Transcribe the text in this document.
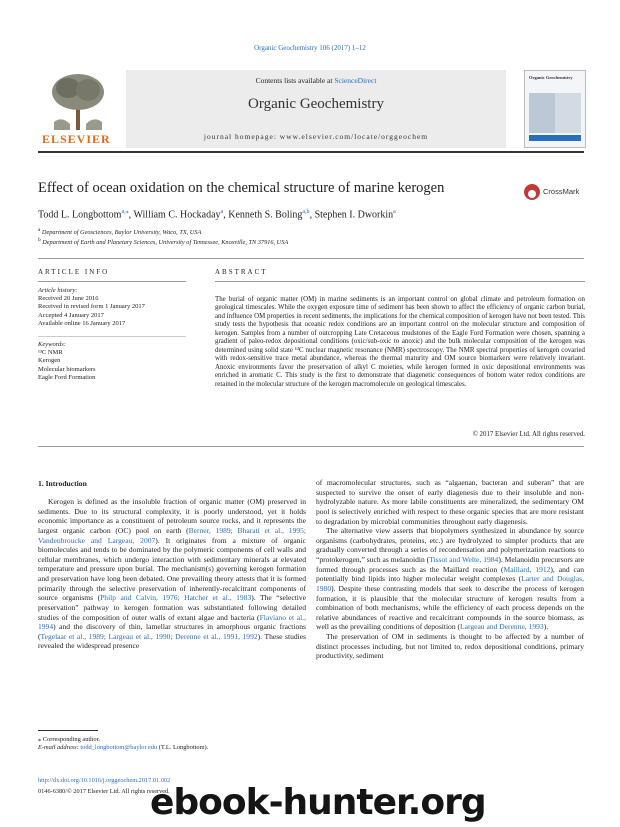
Organic Geochemistry 106 (2017) 1–12
ELSEVIER
Contents lists available at ScienceDirect
Organic Geochemistry
journal homepage: www.elsevier.com/locate/orggeochem
Organic Geochemistry
Effect of ocean oxidation on the chemical structure of marine kerogen	CrossMark
Todd L. Longbottom$^{a,⁎}$, William C. Hockaday$^a$, Kenneth S. Boling$^{a,b}$, Stephen I. Dworkin$^a$
$^a$ Department of Geosciences, Baylor University, Waco, TX, USA
$^b$ Department of Earth and Planetary Sciences, University of Tennessee, Knoxville, TN 37916, USA
ARTICLE INFO	ABSTRACT
Article history:
Received 20 June 2016
Received in revised form 1 January 2017
Accepted 4 January 2017
Available online 16 January 2017
Keywords:
¹³C NMR
Kerogen
Molecular biomarkers
Eagle Ford Formation
The burial of organic matter (OM) in marine sediments is an important control on global climate and petroleum formation on geological timescales. While the oxygen exposure time of sediment has been shown to affect the efficiency of organic carbon burial, and influence OM properties in recent sediments, the implications for the chemical composition of kerogen have not been tested. This study tests the hypothesis that oceanic redox conditions are an important control on the molecular structure and composition of kerogen. Samples from a number of outcropping Late Cretaceous mudstones of the Eagle Ford Formation were chosen, spanning a gradient of paleo-redox depositional conditions (oxic/sub-oxic to anoxic) and the bulk molecular composition of the kerogen was determined using solid state ¹³C nuclear magnetic resonance (NMR) spectroscopy. The NMR spectral properties of kerogen covaried with redox-sensitive trace metal abundance, whereas the thermal maturity and OM source biomarkers were relatively invariant. Anoxic environments favor the preservation of alkyl C moieties, while kerogen formed in oxic depositional environments was enriched in aromatic C. This study is the first to demonstrate that diagenetic consequences of bottom water redox conditions are retained in the molecular structure of the kerogen macromolecule on geological timescales.
© 2017 Elsevier Ltd. All rights reserved.
1. Introduction

Kerogen is defined as the insoluble fraction of organic matter (OM) preserved in sediments. Due to its structural complexity, it is poorly understood, yet it holds economic importance as a constituent of petroleum source rocks, and it represents the largest organic carbon (OC) pool on earth (Berner, 1989; Bharati et al., 1995; Vandenbroucke and Largeau, 2007). It originates from a mixture of organic biomolecules and tends to be dominated by the polymeric components of cell walls and cellular membranes, which undergo interaction with sedimentary minerals at elevated temperature and pressure upon burial. The mechanism(s) governing kerogen formation and preservation have long been debated. One prevailing theory attests that it is formed primarily through the selective preservation of inherently-recalcitrant components of source organisms (Philp and Calvin, 1976; Hatcher et al., 1983). The “selective preservation” pathway to kerogen formation was substantiated following detailed studies of the composition of outer walls of extant algae and bacteria (Flaviano et al., 1994) and the discovery of thin, lamellar structures in amorphous organic fractions (Tegelaar et al., 1989; Largeau et al., 1990; Derenne et al., 1991, 1992). These studies revealed the widespread presence

of macromolecular structures, such as “algaenan, bacteran and suberan” that are suspected to survive the onset of early diagenesis due to their insoluble and non-hydrolyzable nature. As more labile constituents are mineralized, the sedimentary OM pool is selectively enriched with respect to these organic species that are more resistant to degradation by microbial communities throughout early diagenesis.

The alternative view asserts that biopolymers synthesized in abundance by source organisms (carbohydrates, proteins, etc.) are hydrolyzed to simpler products that are gradually converted through a series of recondensation and polymerization reactions to “protokerogen,” such as melanoidin (Tissot and Welte, 1984). Melanoidin precursors are formed through processes such as the Maillard reaction (Maillard, 1912), and can potentially bind lipids into higher molecular weight complexes (Larter and Douglas, 1980). Despite these contrasting models that seek to describe the process of kerogen formation, it is plausible that the molecular structure of kerogen results from a combination of both mechanisms, while the efficiency of each process depends on the relative abundances of reactive and recalcitrant compounds in the source biomass, as well as the prevailing conditions of deposition (Largeau and Derenne, 1993).

The preservation of OM in sediments is thought to be affected by a number of distinct processes including, but not limited to, redox depositional conditions, primary productivity, sediment

⁎ Corresponding author.
E-mail address: todd_longbottom@baylor.edu (T.L. Longbottom).
http://dx.doi.org/10.1016/j.orggeochem.2017.01.002
0146-6380/© 2017 Elsevier Ltd. All rights reserved.
ebook-hunter.org
